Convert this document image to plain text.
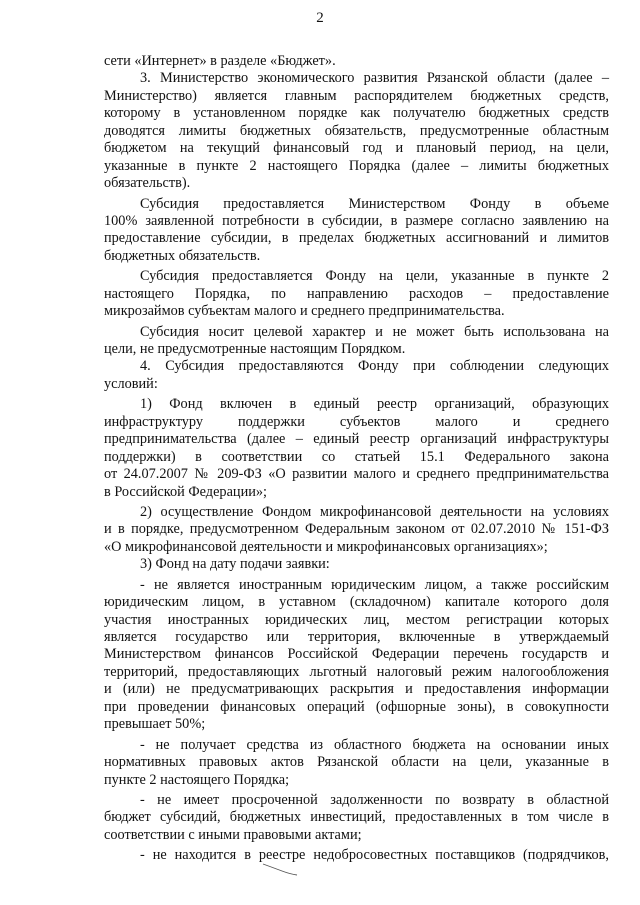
2
сети «Интернет» в разделе «Бюджет».
3. Министерство экономического развития Рязанской области (далее –
Министерство) является главным распорядителем бюджетных средств,
которому в установленном порядке как получателю бюджетных средств
доводятся лимиты бюджетных обязательств, предусмотренные областным
бюджетом на текущий финансовый год и плановый период, на цели,
указанные в пункте 2 настоящего Порядка (далее – лимиты бюджетных
обязательств).
Субсидия предоставляется Министерством Фонду в объеме
100% заявленной потребности в субсидии, в размере согласно заявлению на
предоставление субсидии, в пределах бюджетных ассигнований и лимитов
бюджетных обязательств.
Субсидия предоставляется Фонду на цели, указанные в пункте 2
настоящего Порядка, по направлению расходов – предоставление
микрозаймов субъектам малого и среднего предпринимательства.
Субсидия носит целевой характер и не может быть использована на
цели, не предусмотренные настоящим Порядком.
4. Субсидия предоставляются Фонду при соблюдении следующих
условий:
1) Фонд включен в единый реестр организаций, образующих
инфраструктуру поддержки субъектов малого и среднего
предпринимательства (далее – единый реестр организаций инфраструктуры
поддержки) в соответствии со статьей 15.1 Федерального закона
от 24.07.2007 № 209-ФЗ «О развитии малого и среднего предпринимательства
в Российской Федерации»;
2) осуществление Фондом микрофинансовой деятельности на условиях
и в порядке, предусмотренном Федеральным законом от 02.07.2010 № 151-ФЗ
«О микрофинансовой деятельности и микрофинансовых организациях»;
3) Фонд на дату подачи заявки:
- не является иностранным юридическим лицом, а также российским
юридическим лицом, в уставном (складочном) капитале которого доля
участия иностранных юридических лиц, местом регистрации которых
является государство или территория, включенные в утверждаемый
Министерством финансов Российской Федерации перечень государств и
территорий, предоставляющих льготный налоговый режим налогообложения
и (или) не предусматривающих раскрытия и предоставления информации
при проведении финансовых операций (офшорные зоны), в совокупности
превышает 50%;
- не получает средства из областного бюджета на основании иных
нормативных правовых актов Рязанской области на цели, указанные в
пункте 2 настоящего Порядка;
- не имеет просроченной задолженности по возврату в областной
бюджет субсидий, бюджетных инвестиций, предоставленных в том числе в
соответствии с иными правовыми актами;
- не находится в реестре недобросовестных поставщиков (подрядчиков,
